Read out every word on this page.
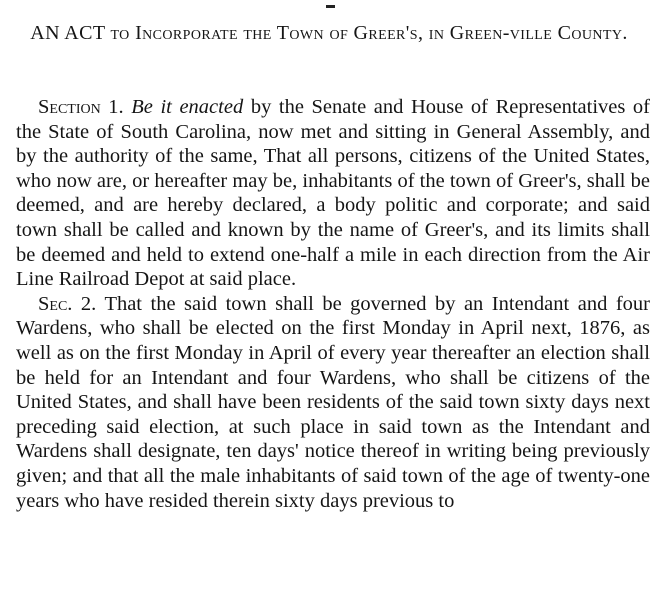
AN ACT to Incorporate the Town of Greer's, in Green-ville County.

Section 1. Be it enacted by the Senate and House of Representatives of the State of South Carolina, now met and sitting in General Assembly, and by the authority of the same, That all persons, citizens of the United States, who now are, or hereafter may be, inhabitants of the town of Greer's, shall be deemed, and are hereby declared, a body politic and corporate; and said town shall be called and known by the name of Greer's, and its limits shall be deemed and held to extend one-half a mile in each direction from the Air Line Railroad Depot at said place.

Sec. 2. That the said town shall be governed by an Intendant and four Wardens, who shall be elected on the first Monday in April next, 1876, as well as on the first Monday in April of every year thereafter an election shall be held for an Intendant and four Wardens, who shall be citizens of the United States, and shall have been residents of the said town sixty days next preceding said election, at such place in said town as the Intendant and Wardens shall designate, ten days' notice thereof in writing being previously given; and that all the male inhabitants of said town of the age of twenty-one years who have resided therein sixty days previous to
